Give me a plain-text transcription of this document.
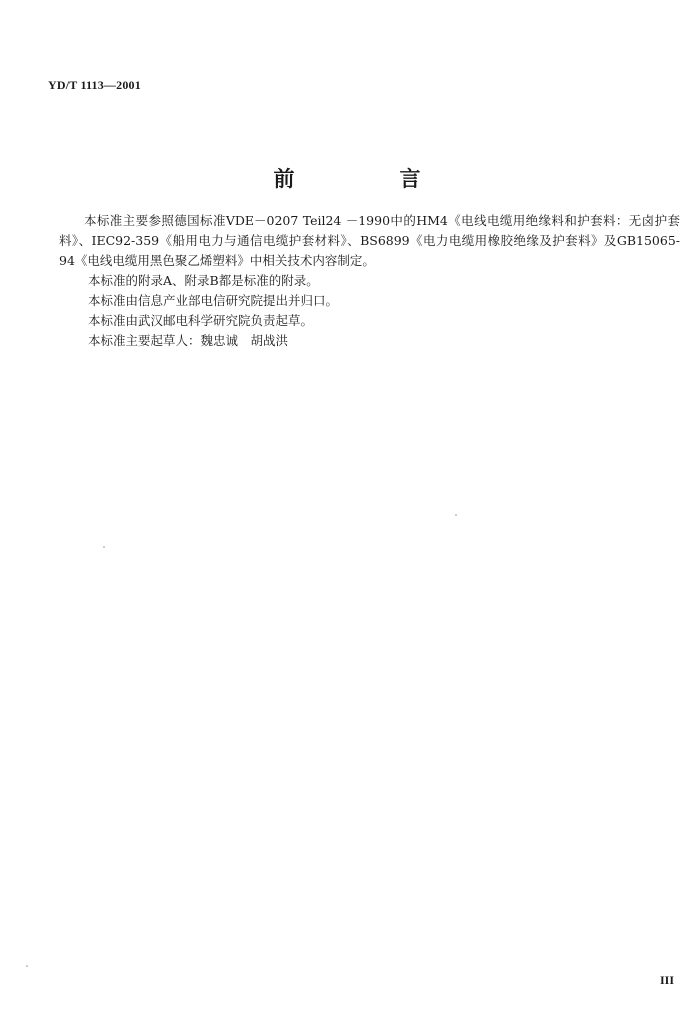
YD/T 1113—2001
前　言

本标准主要参照德国标准VDE－0207 Teil24 －1990中的HM4《电线电缆用绝缘料和护套料：无卤护套料》、IEC92-359《船用电力与通信电缆护套材料》、BS6899《电力电缆用橡胶绝缘及护套料》及GB15065-94《电线电缆用黑色聚乙烯塑料》中相关技术内容制定。

本标准的附录A、附录B都是标准的附录。

本标准由信息产业部电信研究院提出并归口。

本标准由武汉邮电科学研究院负责起草。

本标准主要起草人：魏忠诚　胡战洪

III
